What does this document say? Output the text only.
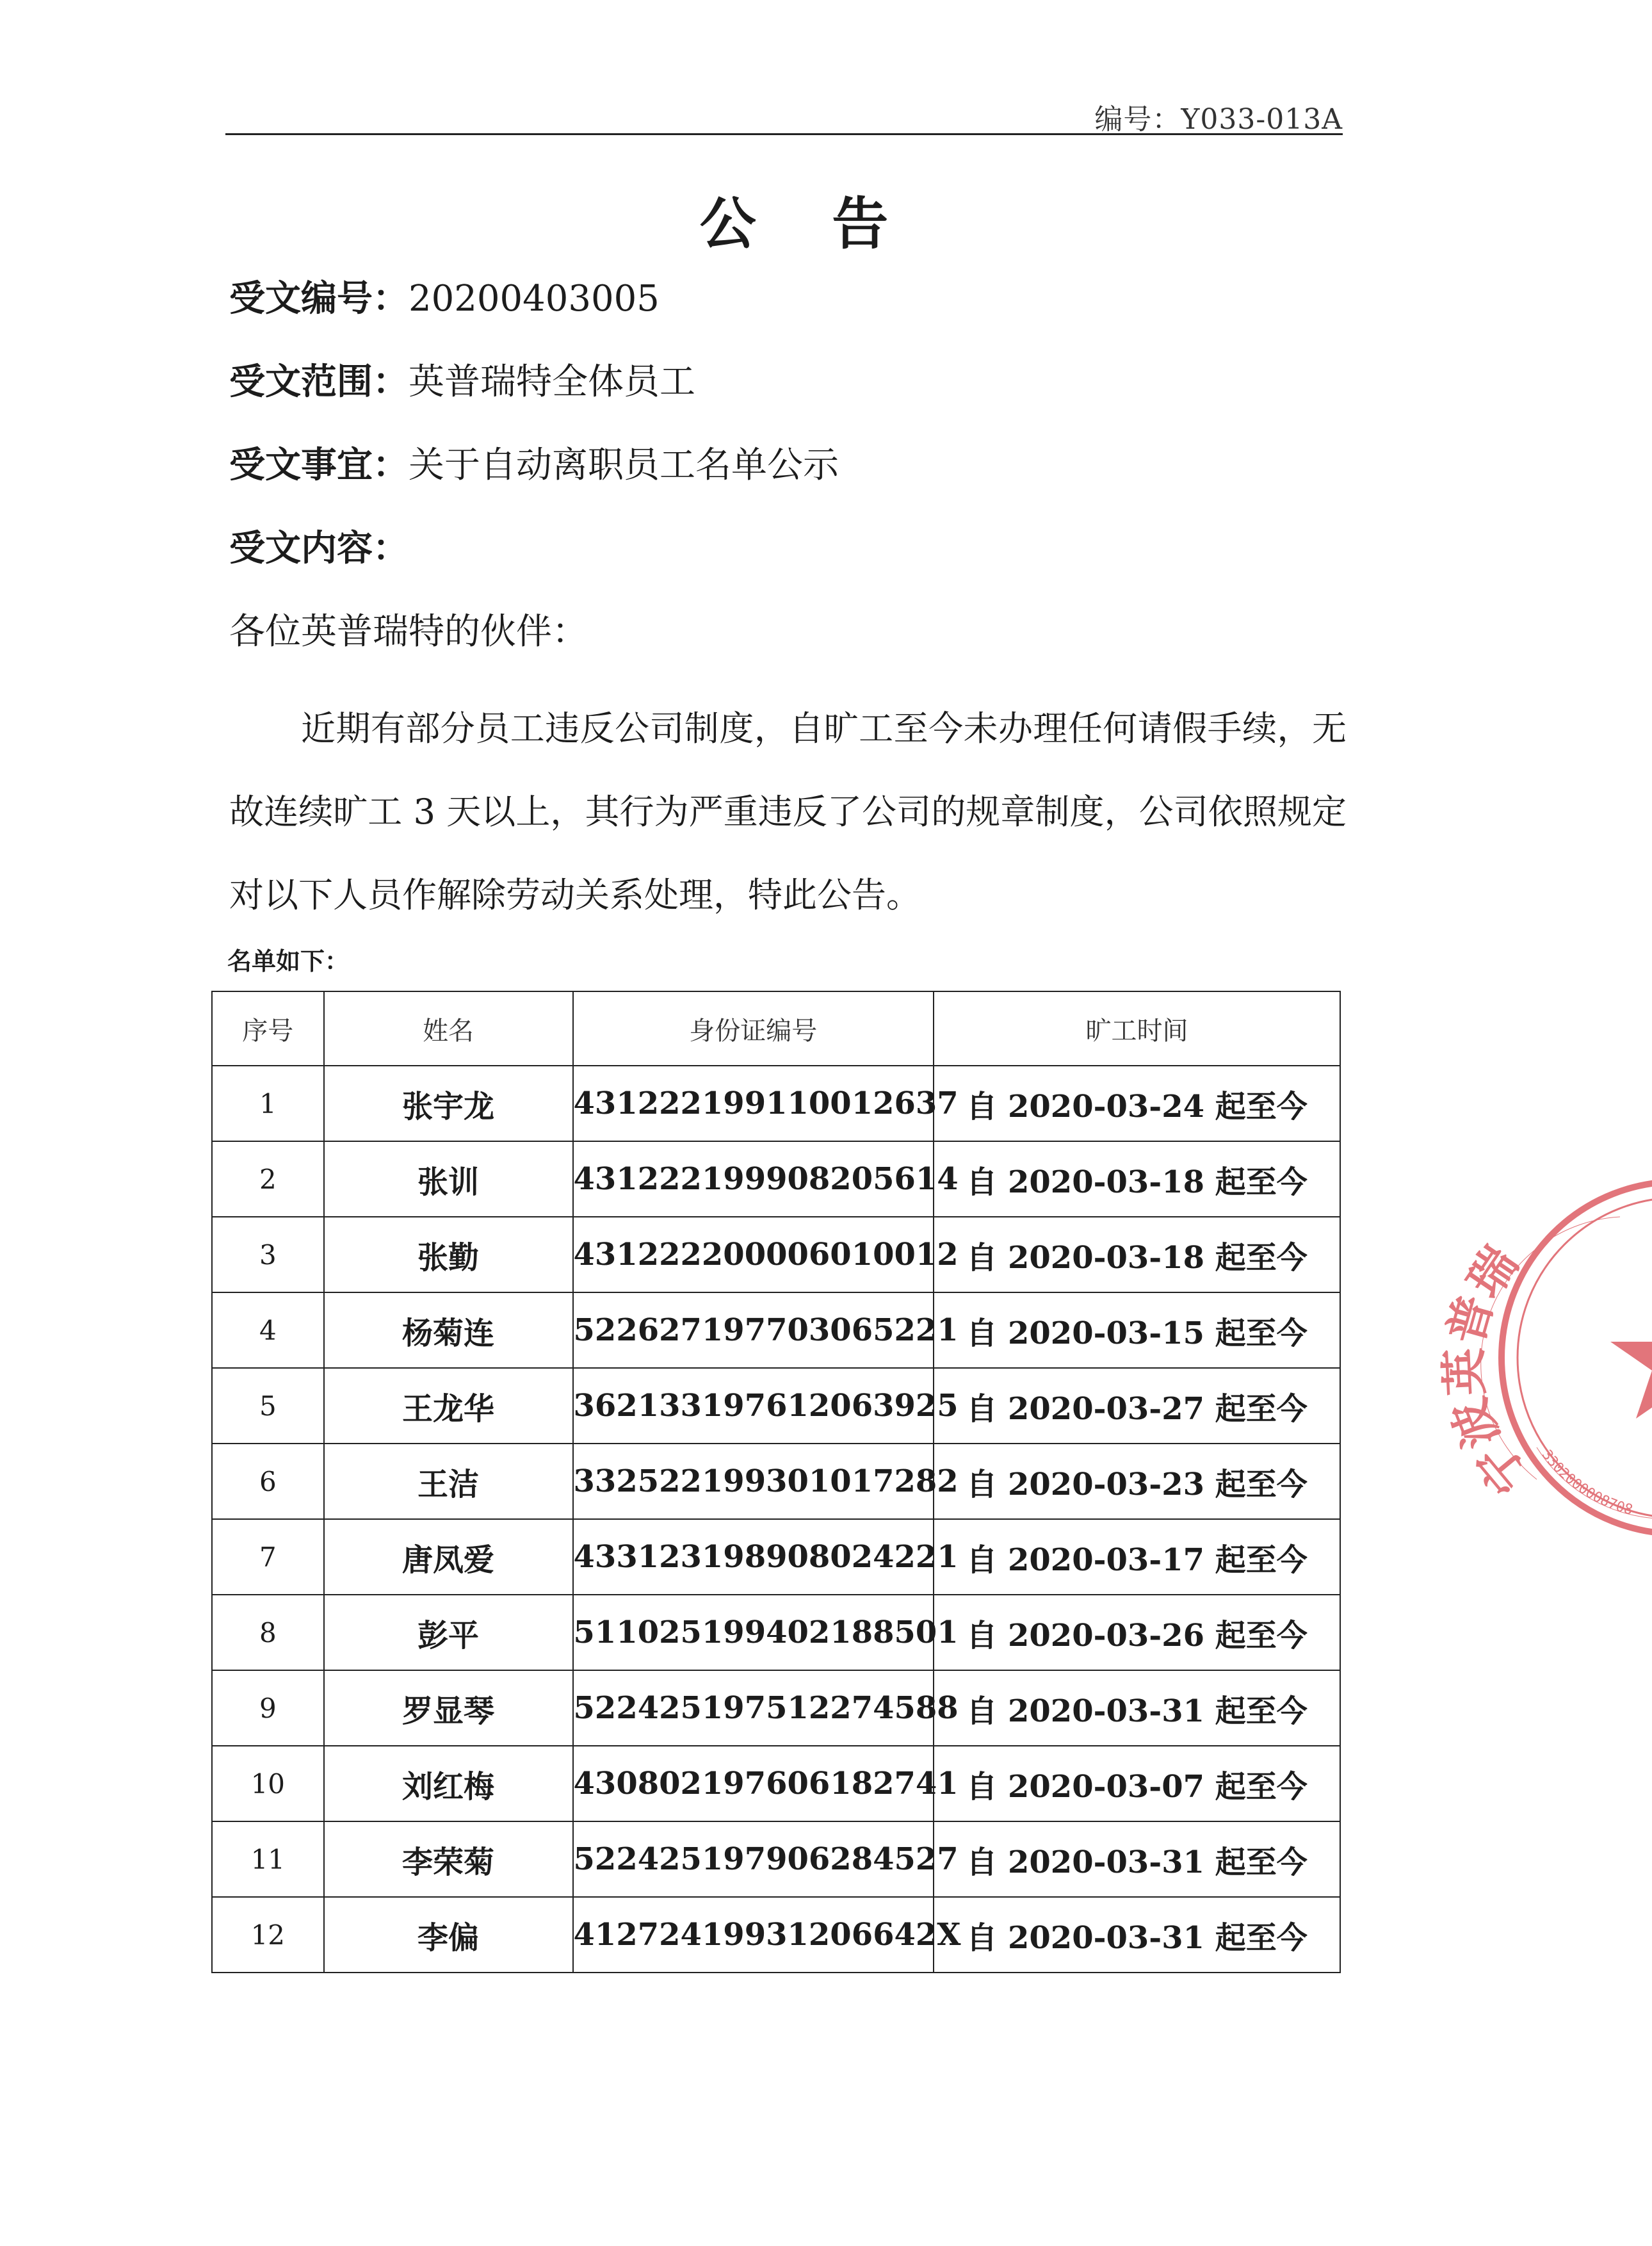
编号：Y033-013A
公 告
受文编号：20200403005
受文范围：英普瑞特全体员工
受文事宜：关于自动离职员工名单公示
受文内容：
各位英普瑞特的伙伴：
近期有部分员工违反公司制度，自旷工至今未办理任何请假手续，无故连续旷工 3 天以上，其行为严重违反了公司的规章制度，公司依照规定对以下人员作解除劳动关系处理，特此公告。
名单如下：
序号	姓名	身份证编号	旷工时间
1	张宇龙	431222199110012637	自 2020-03-24 起至今
2	张训	431222199908205614	自 2020-03-18 起至今
3	张勤	431222200006010012	自 2020-03-18 起至今
4	杨菊连	522627197703065221	自 2020-03-15 起至今
5	王龙华	362133197612063925	自 2020-03-27 起至今
6	王洁	332522199301017282	自 2020-03-23 起至今
7	唐凤爱	433123198908024221	自 2020-03-17 起至今
8	彭平	511025199402188501	自 2020-03-26 起至今
9	罗显琴	522425197512274588	自 2020-03-31 起至今
10	刘红梅	430802197606182741	自 2020-03-07 起至今
11	李荣菊	522425197906284527	自 2020-03-31 起至今
12	李偏	41272419931206642X	自 2020-03-31 起至今
宁波英普瑞
3302000008708
